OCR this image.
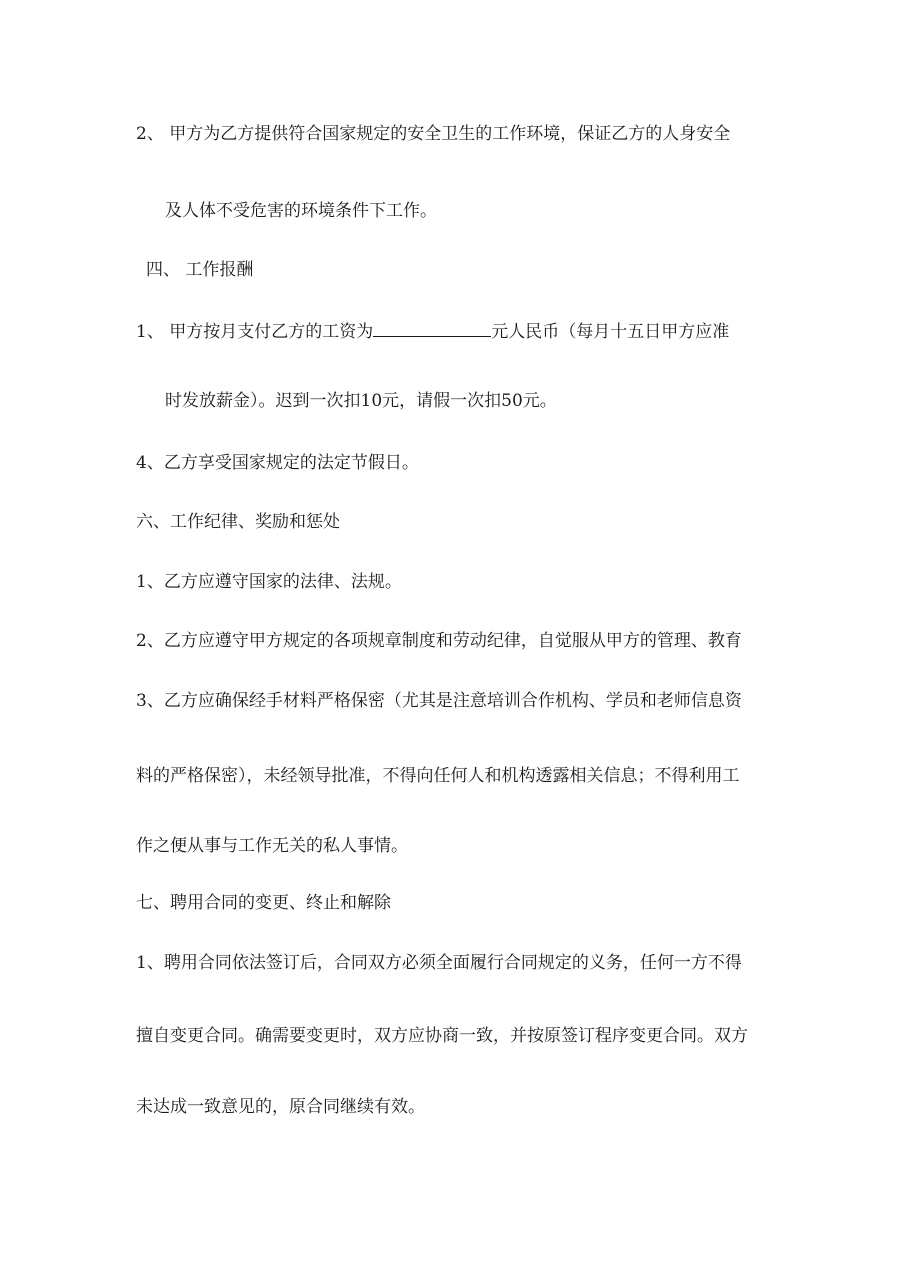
2、 甲方为乙方提供符合国家规定的安全卫生的工作环境，保证乙方的人身安全
及人体不受危害的环境条件下工作。
四、 工作报酬
1、 甲方按月支付乙方的工资为	元人民币（每月十五日甲方应准
时发放薪金）。迟到一次扣10元，请假一次扣50元。
4、乙方享受国家规定的法定节假日。
六、工作纪律、奖励和惩处
1、乙方应遵守国家的法律、法规。
2、乙方应遵守甲方规定的各项规章制度和劳动纪律，自觉服从甲方的管理、教育
3、乙方应确保经手材料严格保密（尤其是注意培训合作机构、学员和老师信息资
料的严格保密），未经领导批准，不得向任何人和机构透露相关信息；不得利用工
作之便从事与工作无关的私人事情。
七、聘用合同的变更、终止和解除
1、聘用合同依法签订后，合同双方必须全面履行合同规定的义务，任何一方不得
擅自变更合同。确需要变更时，双方应协商一致，并按原签订程序变更合同。双方
未达成一致意见的，原合同继续有效。
